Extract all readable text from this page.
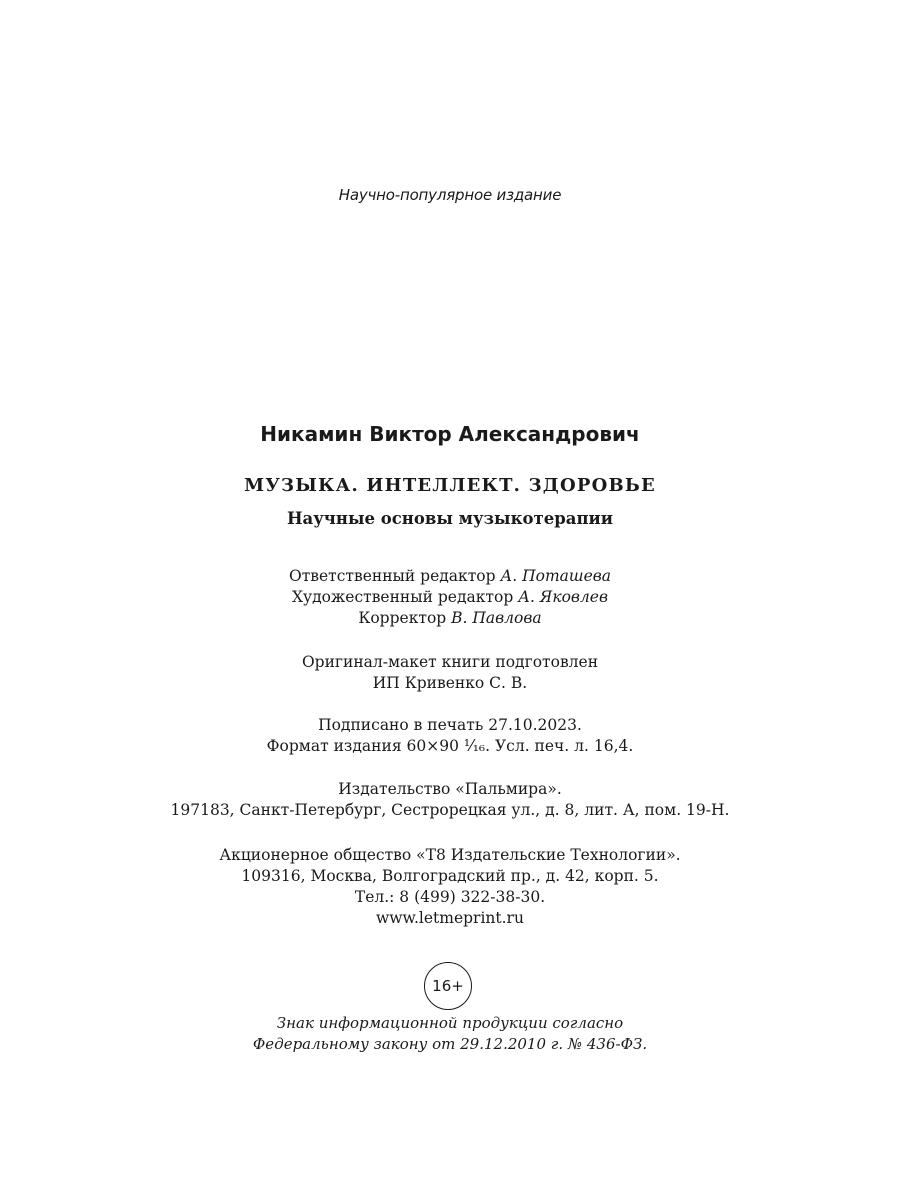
Научно-популярное издание
Никамин Виктор Александрович
МУЗЫКА. ИНТЕЛЛЕКТ. ЗДОРОВЬЕ
Научные основы музыкотерапии
Ответственный редактор А. Поташева
Художественный редактор А. Яковлев
Корректор В. Павлова
Оригинал-макет книги подготовлен
ИП Кривенко С. В.
Подписано в печать 27.10.2023.
Формат издания 60×90 ¹⁄₁₆. Усл. печ. л. 16,4.
Издательство «Пальмира».
197183, Санкт-Петербург, Сестрорецкая ул., д. 8, лит. А, пом. 19-Н.
Акционерное общество «Т8 Издательские Технологии».
109316, Москва, Волгоградский пр., д. 42, корп. 5.
Тел.: 8 (499) 322-38-30.
www.letmeprint.ru
16+
Знак информационной продукции согласно
Федеральному закону от 29.12.2010 г. № 436-ФЗ.
